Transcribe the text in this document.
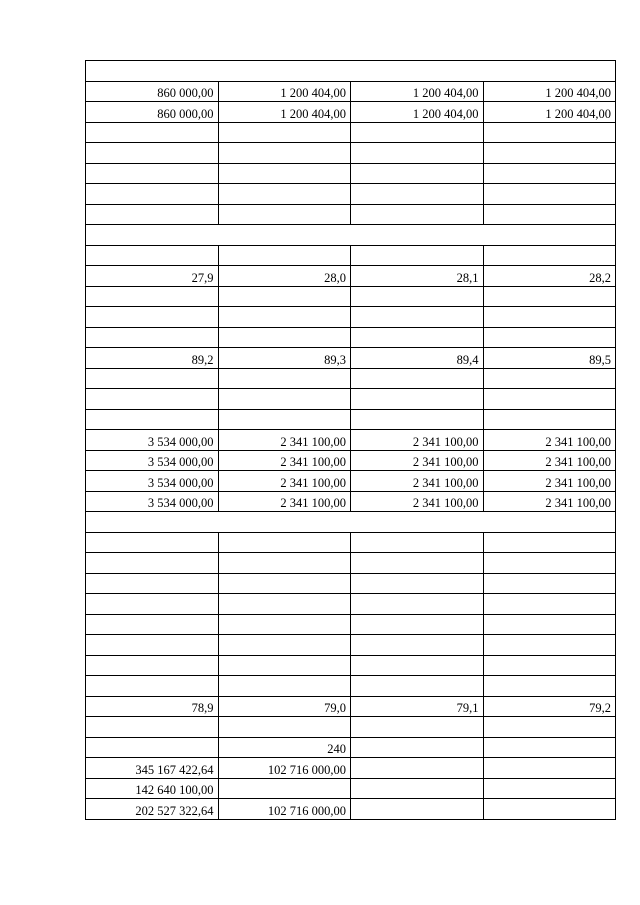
860 000,00	1 200 404,00	1 200 404,00	1 200 404,00
860 000,00	1 200 404,00	1 200 404,00	1 200 404,00

27,9	28,0	28,1	28,2

89,2	89,3	89,4	89,5

3 534 000,00	2 341 100,00	2 341 100,00	2 341 100,00
3 534 000,00	2 341 100,00	2 341 100,00	2 341 100,00
3 534 000,00	2 341 100,00	2 341 100,00	2 341 100,00
3 534 000,00	2 341 100,00	2 341 100,00	2 341 100,00

78,9	79,0	79,1	79,2

	240		
345 167 422,64	102 716 000,00		
142 640 100,00			
202 527 322,64	102 716 000,00		
